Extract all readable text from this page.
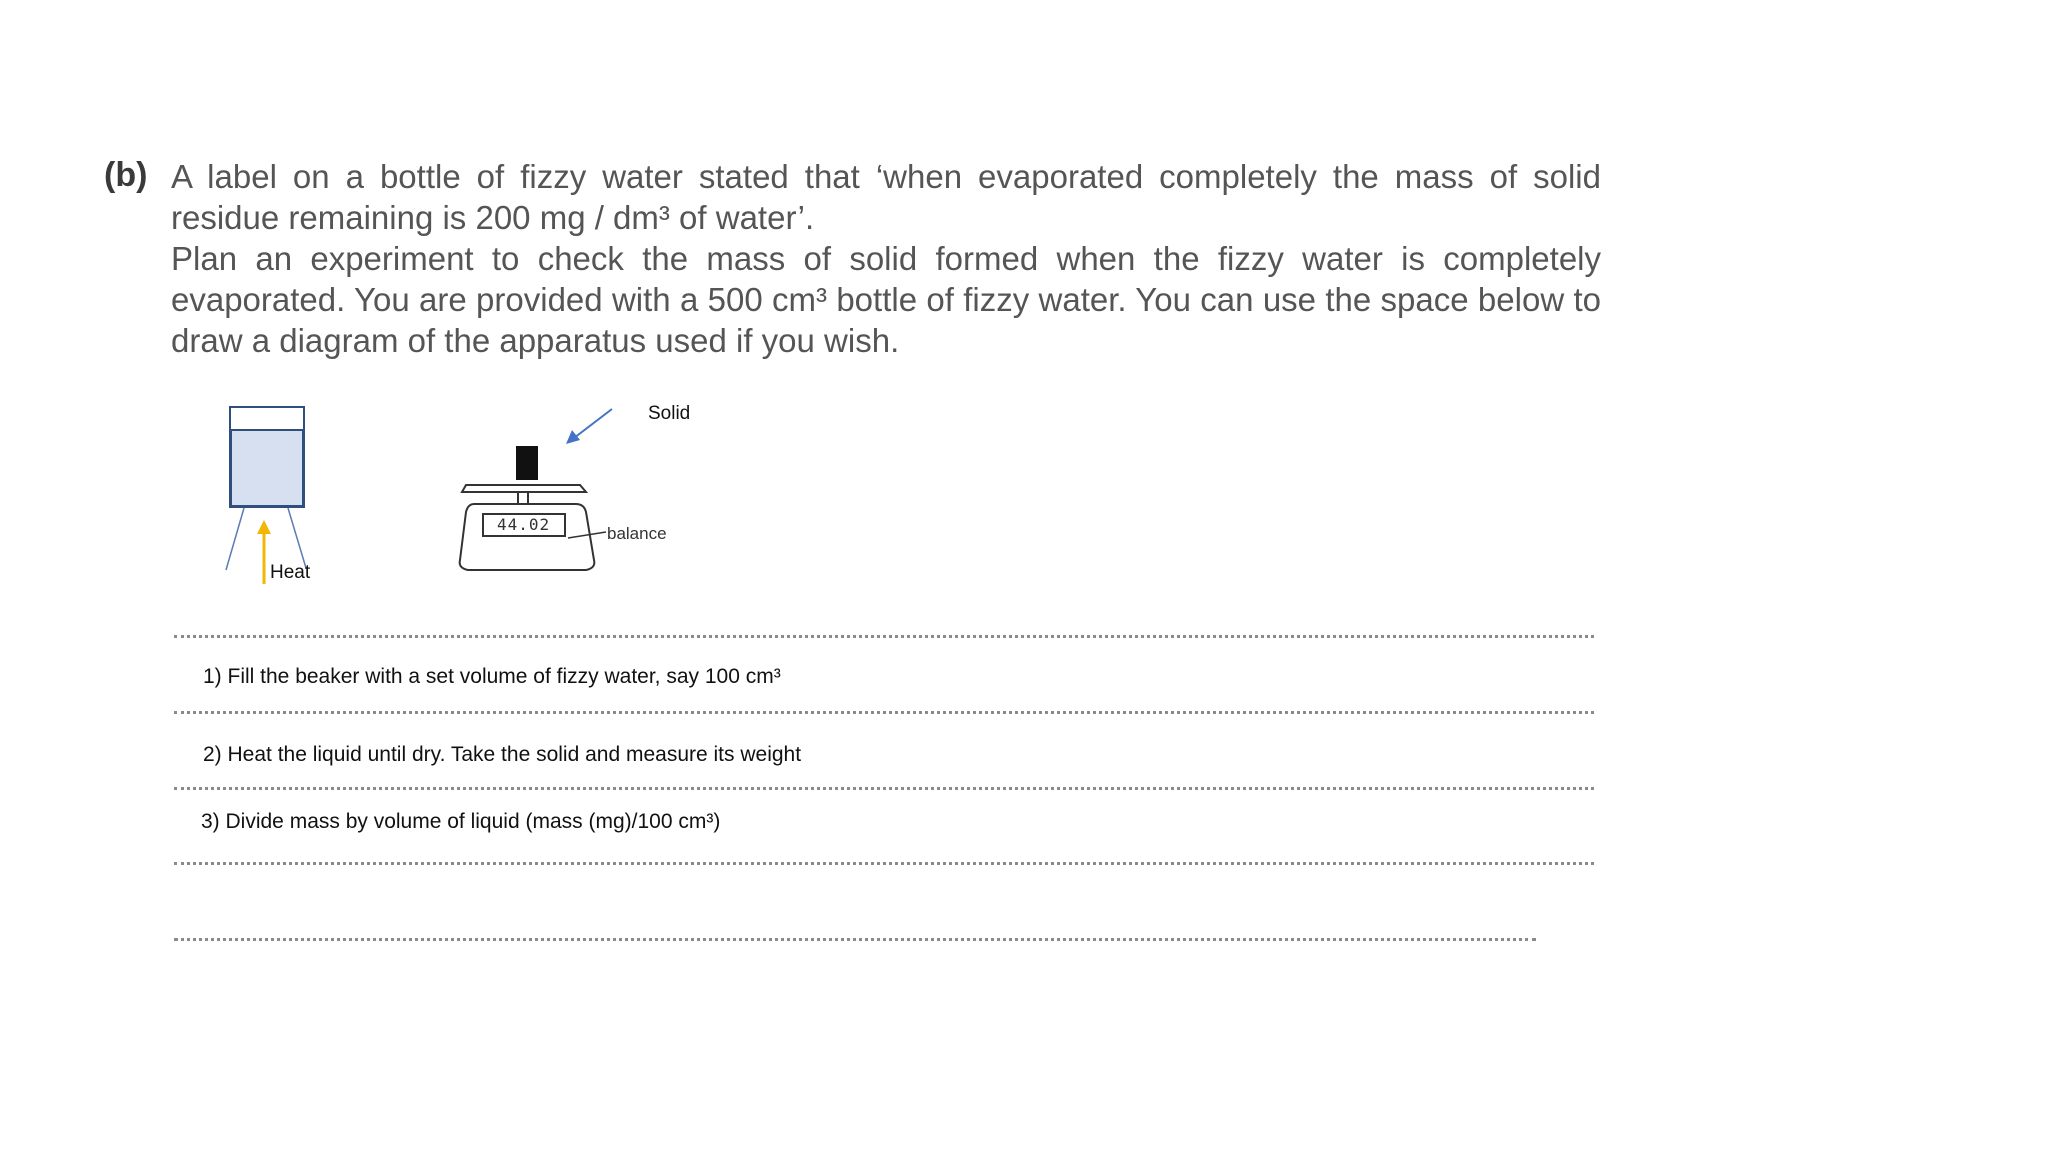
(b) A label on a bottle of fizzy water stated that ‘when evaporated completely the mass of solid residue remaining is 200 mg / dm³ of water’.

Plan an experiment to check the mass of solid formed when the fizzy water is completely evaporated. You are provided with a 500 cm³ bottle of fizzy water. You can use the space below to draw a diagram of the apparatus used if you wish.

44.02
Heat
Solid
balance
1) Fill the beaker with a set volume of fizzy water, say 100 cm³
2) Heat the liquid until dry. Take the solid and measure its weight
3) Divide mass by volume of liquid (mass (mg)/100 cm³)
